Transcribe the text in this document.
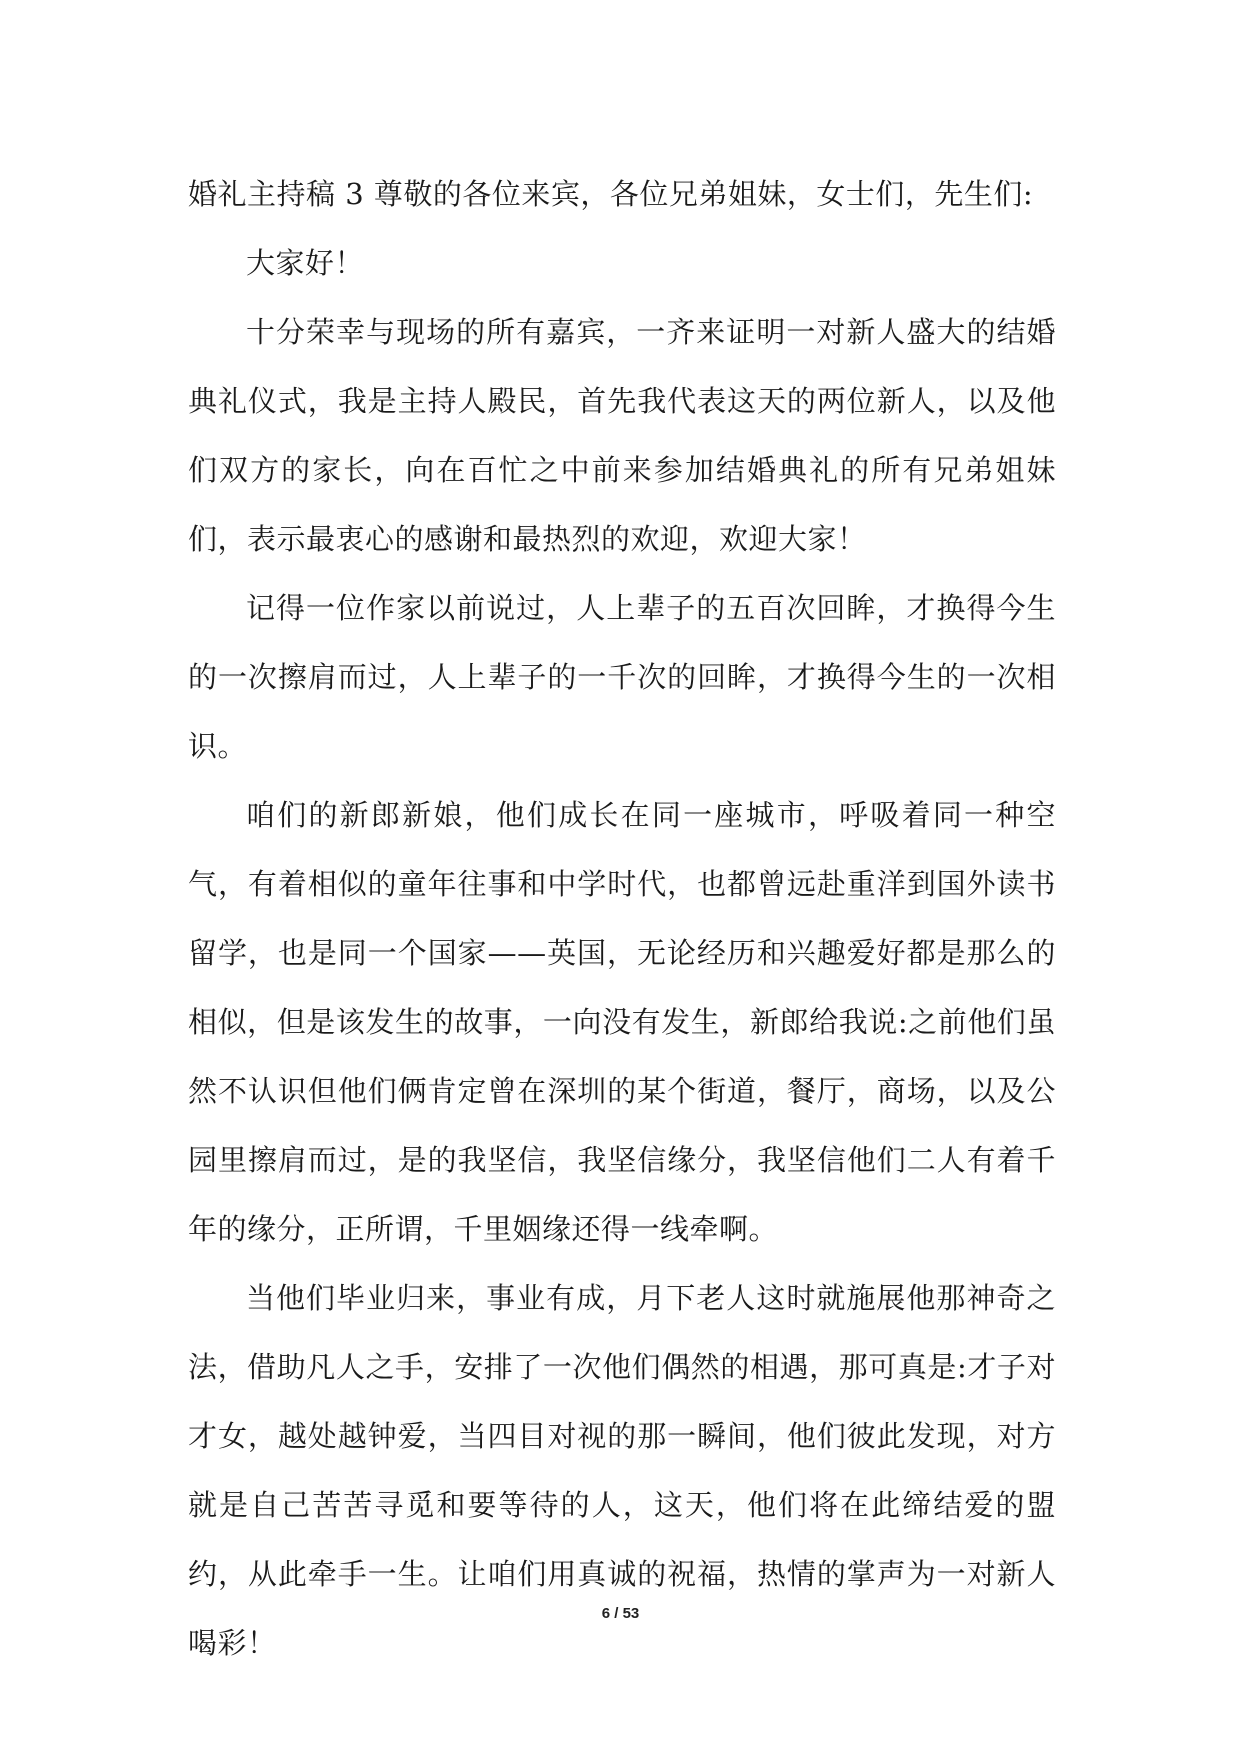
婚礼主持稿 3 尊敬的各位来宾，各位兄弟姐妹，女士们，先生们:

大家好！

十分荣幸与现场的所有嘉宾，一齐来证明一对新人盛大的结婚典礼仪式，我是主持人殿民，首先我代表这天的两位新人，以及他们双方的家长，向在百忙之中前来参加结婚典礼的所有兄弟姐妹们，表示最衷心的感谢和最热烈的欢迎，欢迎大家！

记得一位作家以前说过，人上辈子的五百次回眸，才换得今生的一次擦肩而过，人上辈子的一千次的回眸，才换得今生的一次相识。

咱们的新郎新娘，他们成长在同一座城市，呼吸着同一种空气，有着相似的童年往事和中学时代，也都曾远赴重洋到国外读书留学，也是同一个国家——英国，无论经历和兴趣爱好都是那么的相似，但是该发生的故事，一向没有发生，新郎给我说:之前他们虽然不认识但他们俩肯定曾在深圳的某个街道，餐厅，商场，以及公园里擦肩而过，是的我坚信，我坚信缘分，我坚信他们二人有着千年的缘分，正所谓，千里姻缘还得一线牵啊。

当他们毕业归来，事业有成，月下老人这时就施展他那神奇之法，借助凡人之手，安排了一次他们偶然的相遇，那可真是:才子对才女，越处越钟爱，当四目对视的那一瞬间，他们彼此发现，对方就是自己苦苦寻觅和要等待的人，这天，他们将在此缔结爱的盟约，从此牵手一生。让咱们用真诚的祝福，热情的掌声为一对新人喝彩！

6 / 53
